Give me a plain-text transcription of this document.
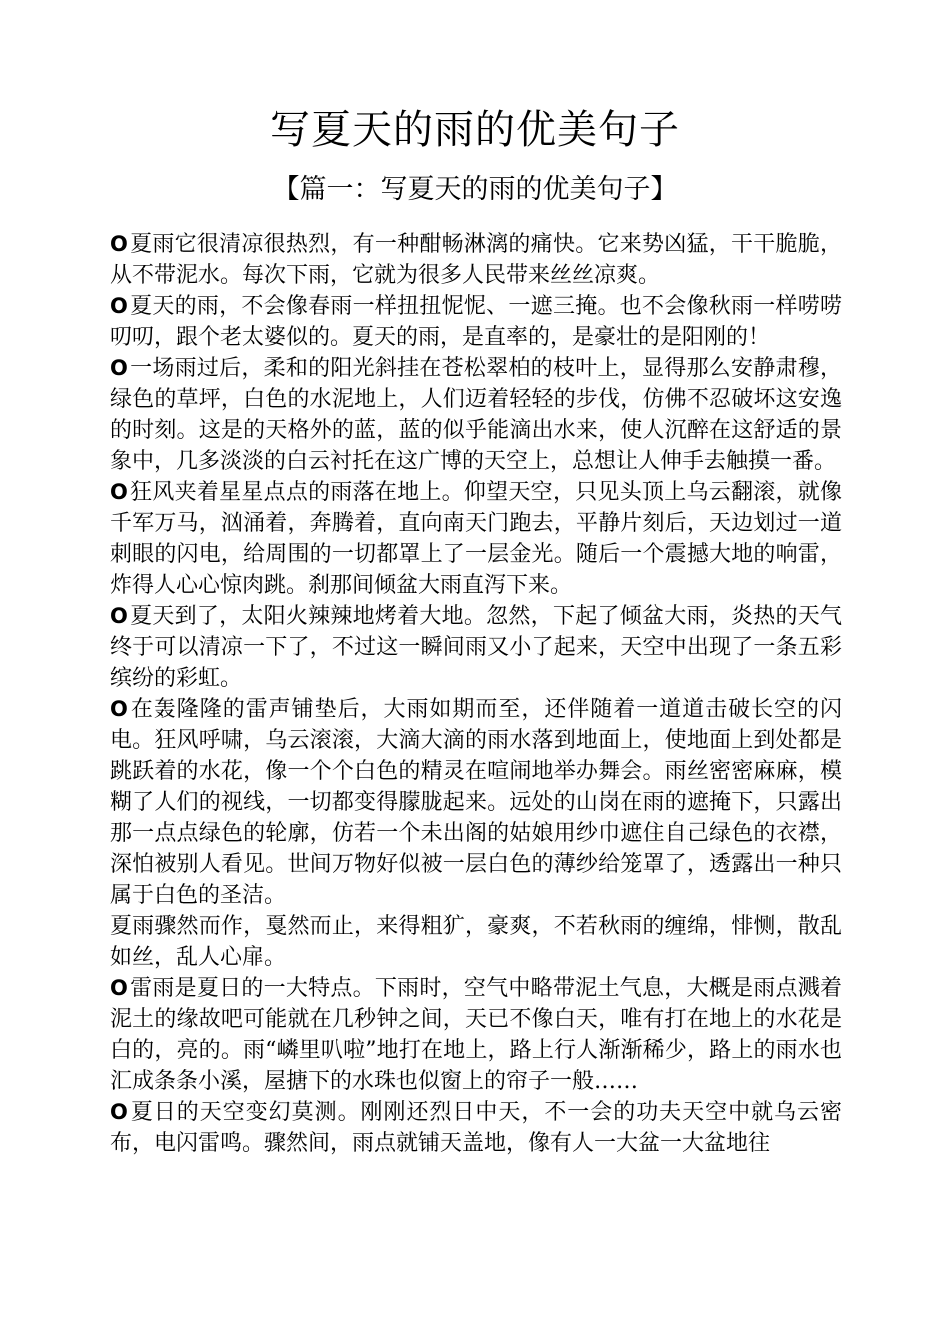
写夏天的雨的优美句子
【篇一：写夏天的雨的优美句子】

O夏雨它很清凉很热烈，有一种酣畅淋漓的痛快。它来势凶猛，干干脆脆，从不带泥水。每次下雨，它就为很多人民带来丝丝凉爽。

O夏天的雨，不会像春雨一样扭扭怩怩、一遮三掩。也不会像秋雨一样唠唠叨叨，跟个老太婆似的。夏天的雨，是直率的，是豪壮的是阳刚的！

O一场雨过后，柔和的阳光斜挂在苍松翠柏的枝叶上，显得那么安静肃穆，绿色的草坪，白色的水泥地上，人们迈着轻轻的步伐，仿佛不忍破坏这安逸的时刻。这是的天格外的蓝，蓝的似乎能滴出水来，使人沉醉在这舒适的景象中，几多淡淡的白云衬托在这广博的天空上，总想让人伸手去触摸一番。

O狂风夹着星星点点的雨落在地上。仰望天空，只见头顶上乌云翻滚，就像千军万马，汹涌着，奔腾着，直向南天门跑去，平静片刻后，天边划过一道刺眼的闪电，给周围的一切都罩上了一层金光。随后一个震撼大地的响雷，炸得人心心惊肉跳。刹那间倾盆大雨直泻下来。

O夏天到了，太阳火辣辣地烤着大地。忽然，下起了倾盆大雨，炎热的天气终于可以清凉一下了，不过这一瞬间雨又小了起来，天空中出现了一条五彩缤纷的彩虹。

O在轰隆隆的雷声铺垫后，大雨如期而至，还伴随着一道道击破长空的闪电。狂风呼啸，乌云滚滚，大滴大滴的雨水落到地面上，使地面上到处都是跳跃着的水花，像一个个白色的精灵在喧闹地举办舞会。雨丝密密麻麻，模糊了人们的视线，一切都变得朦胧起来。远处的山岗在雨的遮掩下，只露出那一点点绿色的轮廓，仿若一个未出阁的姑娘用纱巾遮住自己绿色的衣襟，深怕被别人看见。世间万物好似被一层白色的薄纱给笼罩了，透露出一种只属于白色的圣洁。

夏雨骤然而作，戛然而止，来得粗犷，豪爽，不若秋雨的缠绵，悱恻，散乱如丝，乱人心扉。

O雷雨是夏日的一大特点。下雨时，空气中略带泥土气息，大概是雨点溅着泥土的缘故吧可能就在几秒钟之间，天已不像白天，唯有打在地上的水花是白的，亮的。雨“嶙里叭啦”地打在地上，路上行人渐渐稀少，路上的雨水也汇成条条小溪，屋搪下的水珠也似窗上的帘子一般……

O夏日的天空变幻莫测。刚刚还烈日中天，不一会的功夫天空中就乌云密布，电闪雷鸣。骤然间，雨点就铺天盖地，像有人一大盆一大盆地往
